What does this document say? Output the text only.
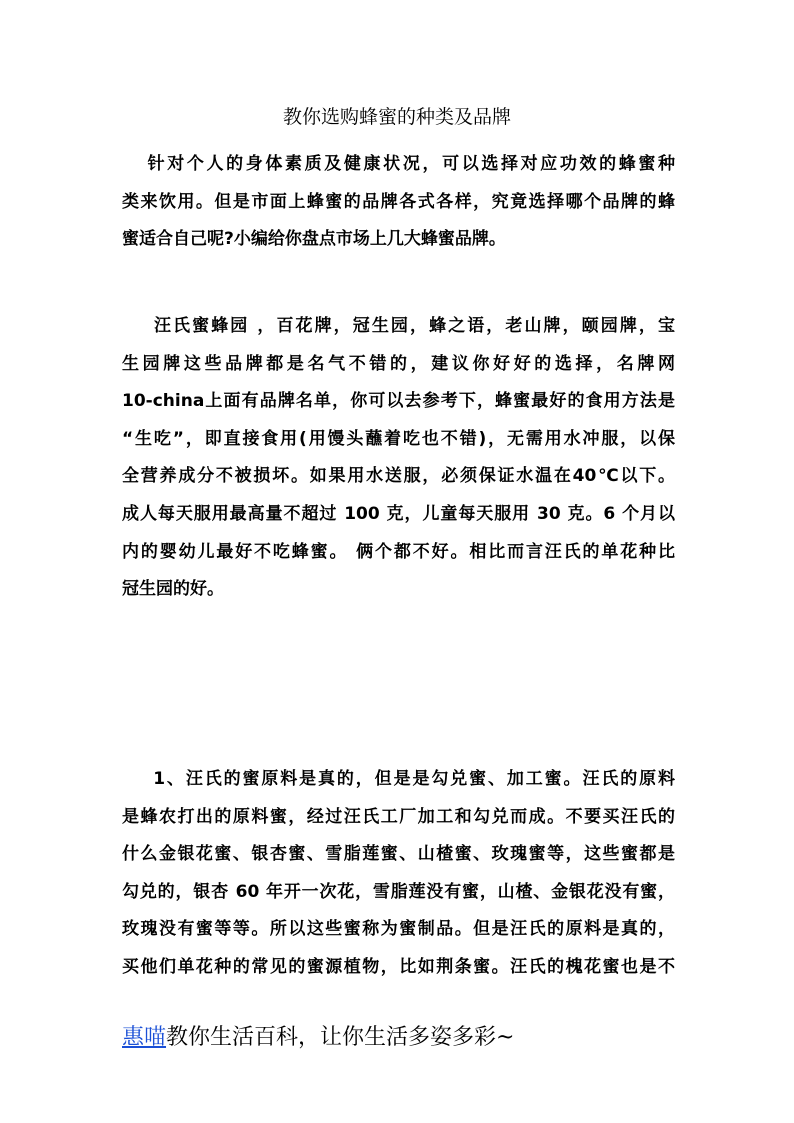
教你选购蜂蜜的种类及品牌
针对个人的身体素质及健康状况，可以选择对应功效的蜂蜜种
类来饮用。但是市面上蜂蜜的品牌各式各样，究竟选择哪个品牌的蜂
蜜适合自己呢?小编给你盘点市场上几大蜂蜜品牌。
汪氏蜜蜂园 ，百花牌，冠生园，蜂之语，老山牌，颐园牌，宝
生园牌这些品牌都是名气不错的，建议你好好的选择，名牌网
10-china上面有品牌名单，你可以去参考下，蜂蜜最好的食用方法是
“生吃”，即直接食用(用馒头蘸着吃也不错)，无需用水冲服，以保
全营养成分不被损坏。如果用水送服，必须保证水温在40℃以下。
成人每天服用最高量不超过 100 克，儿童每天服用 30 克。6 个月以
内的婴幼儿最好不吃蜂蜜。 俩个都不好。相比而言汪氏的单花种比
冠生园的好。
1、汪氏的蜜原料是真的，但是是勾兑蜜、加工蜜。汪氏的原料
是蜂农打出的原料蜜，经过汪氏工厂加工和勾兑而成。不要买汪氏的
什么金银花蜜、银杏蜜、雪脂莲蜜、山楂蜜、玫瑰蜜等，这些蜜都是
勾兑的，银杏 60 年开一次花，雪脂莲没有蜜，山楂、金银花没有蜜，
玫瑰没有蜜等等。所以这些蜜称为蜜制品。但是汪氏的原料是真的，
买他们单花种的常见的蜜源植物，比如荆条蜜。汪氏的槐花蜜也是不
惠喵教你生活百科，让你生活多姿多彩~
